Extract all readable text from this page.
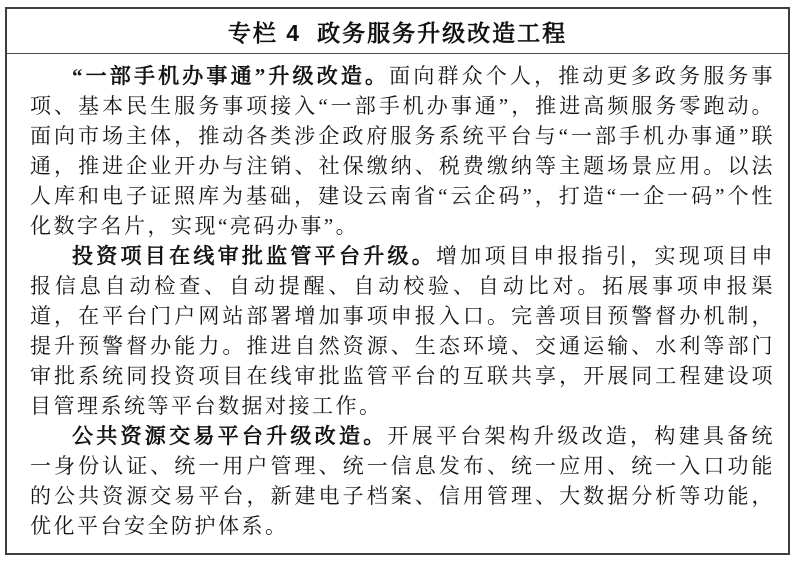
专栏 4 政务服务升级改造工程

“一部手机办事通”升级改造。面向群众个人，推动更多政务服务事项、基本民生服务事项接入“一部手机办事通”，推进高频服务零跑动。面向市场主体，推动各类涉企政府服务系统平台与“一部手机办事通”联通，推进企业开办与注销、社保缴纳、税费缴纳等主题场景应用。以法人库和电子证照库为基础，建设云南省“云企码”，打造“一企一码”个性化数字名片，实现“亮码办事”。

投资项目在线审批监管平台升级。增加项目申报指引，实现项目申报信息自动检查、自动提醒、自动校验、自动比对。拓展事项申报渠道，在平台门户网站部署增加事项申报入口。完善项目预警督办机制，提升预警督办能力。推进自然资源、生态环境、交通运输、水利等部门审批系统同投资项目在线审批监管平台的互联共享，开展同工程建设项目管理系统等平台数据对接工作。

公共资源交易平台升级改造。开展平台架构升级改造，构建具备统一身份认证、统一用户管理、统一信息发布、统一应用、统一入口功能的公共资源交易平台，新建电子档案、信用管理、大数据分析等功能，优化平台安全防护体系。
